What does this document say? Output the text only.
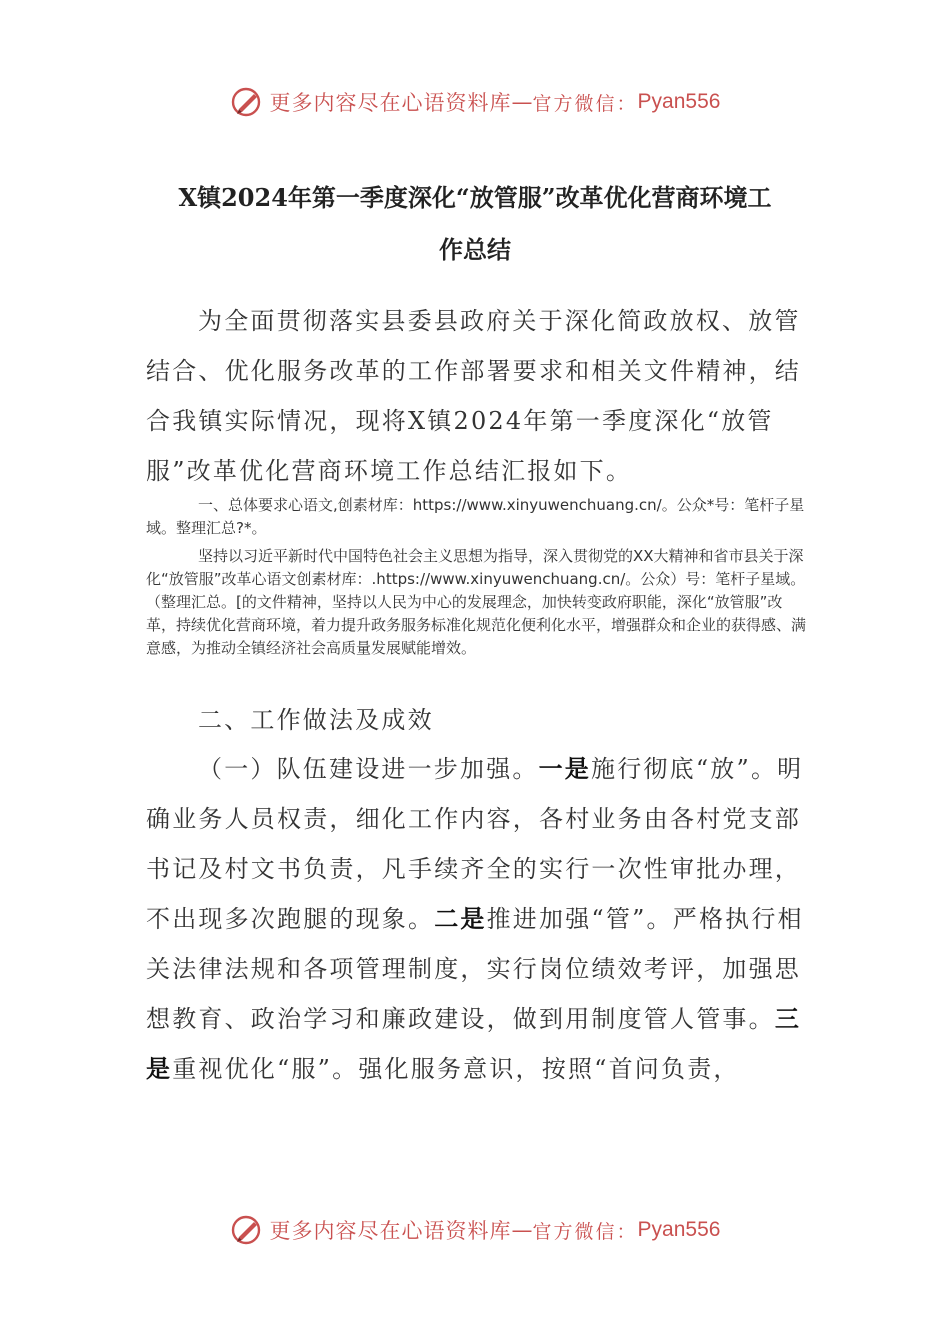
更多内容尽在心语资料库 — 官方微信： Pyan556
X镇2024年第一季度深化“放管服”改革优化营商环境工
作总结
为全面贯彻落实县委县政府关于深化简政放权、放管结合、优化服务改革的工作部署要求和相关文件精神，结合我镇实际情况，现将X镇2024年第一季度深化“放管服”改革优化营商环境工作总结汇报如下。
一、总体要求心语文,创素材库：https://www.xinyuwenchuang.cn/。公众*号：笔杆子星域。整理汇总?*。
坚持以习近平新时代中国特色社会主义思想为指导，深入贯彻党的XX大精神和省市县关于深化“放管服”改革心语文创素材库：.https://www.xinyuwenchuang.cn/。公众）号：笔杆子星域。（整理汇总。[的文件精神，坚持以人民为中心的发展理念，加快转变政府职能，深化“放管服”改革，持续优化营商环境，着力提升政务服务标准化规范化便利化水平，增强群众和企业的获得感、满意感，为推动全镇经济社会高质量发展赋能增效。
二、工作做法及成效
（一）队伍建设进一步加强。一是施行彻底“放”。明确业务人员权责，细化工作内容，各村业务由各村党支部书记及村文书负责，凡手续齐全的实行一次性审批办理，不出现多次跑腿的现象。二是推进加强“管”。严格执行相关法律法规和各项管理制度，实行岗位绩效考评，加强思想教育、政治学习和廉政建设，做到用制度管人管事。三是重视优化“服”。强化服务意识，按照“首问负责，
更多内容尽在心语资料库 — 官方微信： Pyan556
